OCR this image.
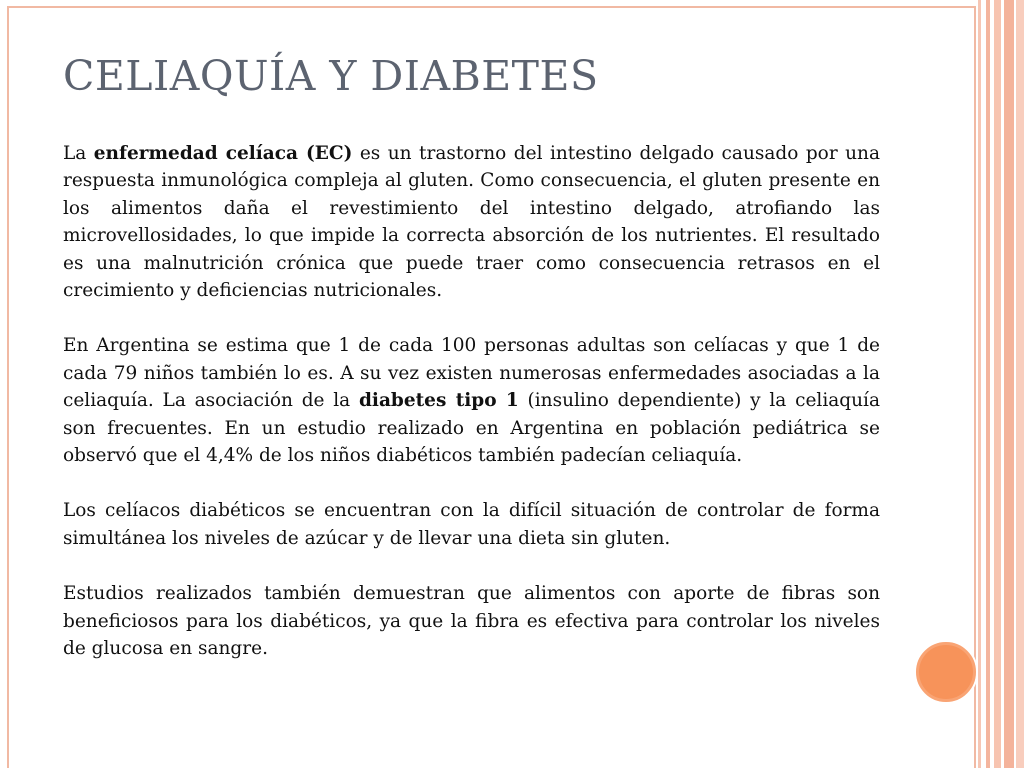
CELIAQUÍA Y DIABETES

La enfermedad celíaca (EC) es un trastorno del intestino delgado causado por una respuesta inmunológica compleja al gluten. Como consecuencia, el gluten presente en los alimentos daña el revestimiento del intestino delgado, atrofiando las microvellosidades, lo que impide la correcta absorción de los nutrientes. El resultado es una malnutrición crónica que puede traer como consecuencia retrasos en el crecimiento y deficiencias nutricionales.

En Argentina se estima que 1 de cada 100 personas adultas son celíacas y que 1 de cada 79 niños también lo es. A su vez existen numerosas enfermedades asociadas a la celiaquía. La asociación de la diabetes tipo 1 (insulino dependiente) y la celiaquía son frecuentes. En un estudio realizado en Argentina en población pediátrica se observó que el 4,4% de los niños diabéticos también padecían celiaquía.

Los celíacos diabéticos se encuentran con la difícil situación de controlar de forma simultánea los niveles de azúcar y de llevar una dieta sin gluten.

Estudios realizados también demuestran que alimentos con aporte de fibras son beneficiosos para los diabéticos, ya que la fibra es efectiva para controlar los niveles de glucosa en sangre.
